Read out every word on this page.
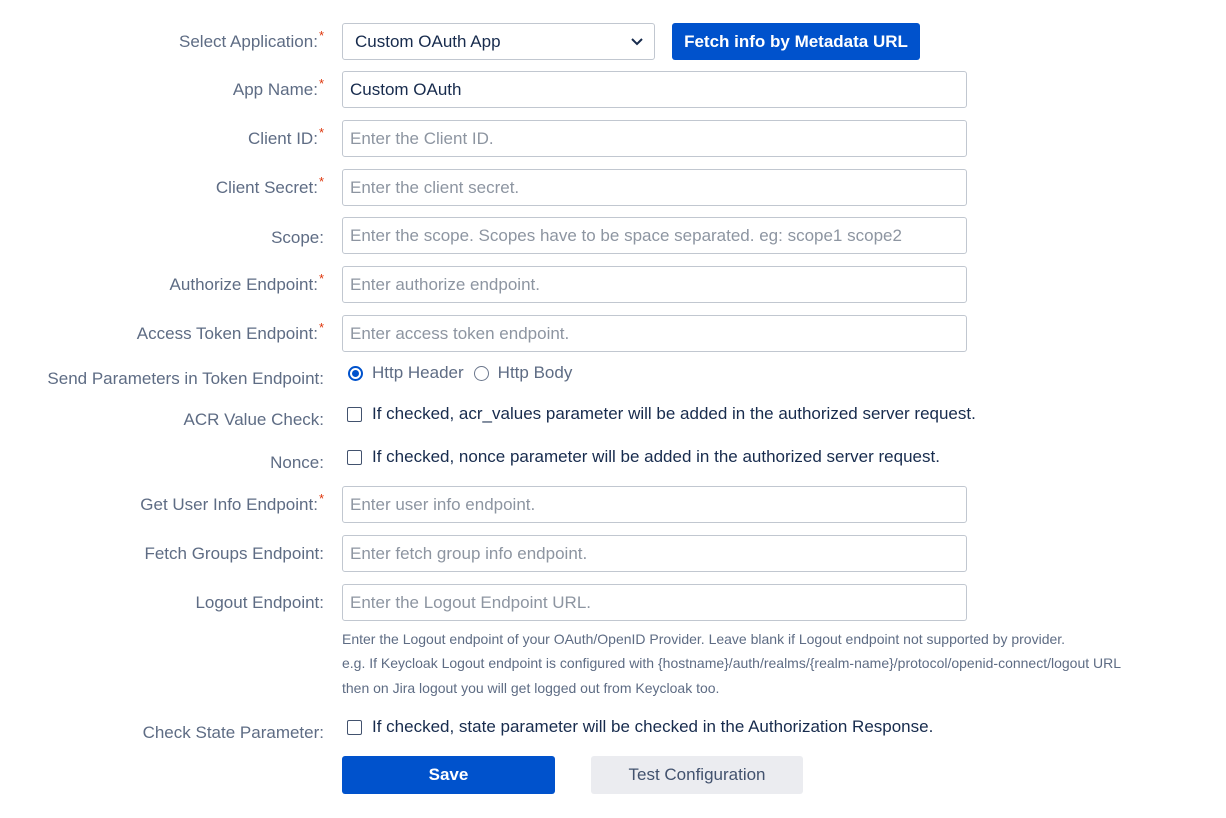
Select Application:* Custom OAuth App	Fetch info by Metadata URL
App Name:*
Custom OAuth
Client ID:*
Enter the Client ID.
Client Secret:*
Enter the client secret.
Scope:
Enter the scope. Scopes have to be space separated. eg: scope1 scope2
Authorize Endpoint:*
Enter authorize endpoint.
Access Token Endpoint:*
Enter access token endpoint.
Send Parameters in Token Endpoint:	Http Header Http Body
ACR Value Check:	If checked, acr_values parameter will be added in the authorized server request.
Nonce:	If checked, nonce parameter will be added in the authorized server request.
Get User Info Endpoint:*
Enter user info endpoint.
Fetch Groups Endpoint:
Enter fetch group info endpoint.
Logout Endpoint:
Enter the Logout Endpoint URL.
Enter the Logout endpoint of your OAuth/OpenID Provider. Leave blank if Logout endpoint not supported by provider.
e.g. If Keycloak Logout endpoint is configured with {hostname}/auth/realms/{realm-name}/protocol/openid-connect/logout URL
then on Jira logout you will get logged out from Keycloak too.
Check State Parameter:	If checked, state parameter will be checked in the Authorization Response.
Save	Test Configuration
